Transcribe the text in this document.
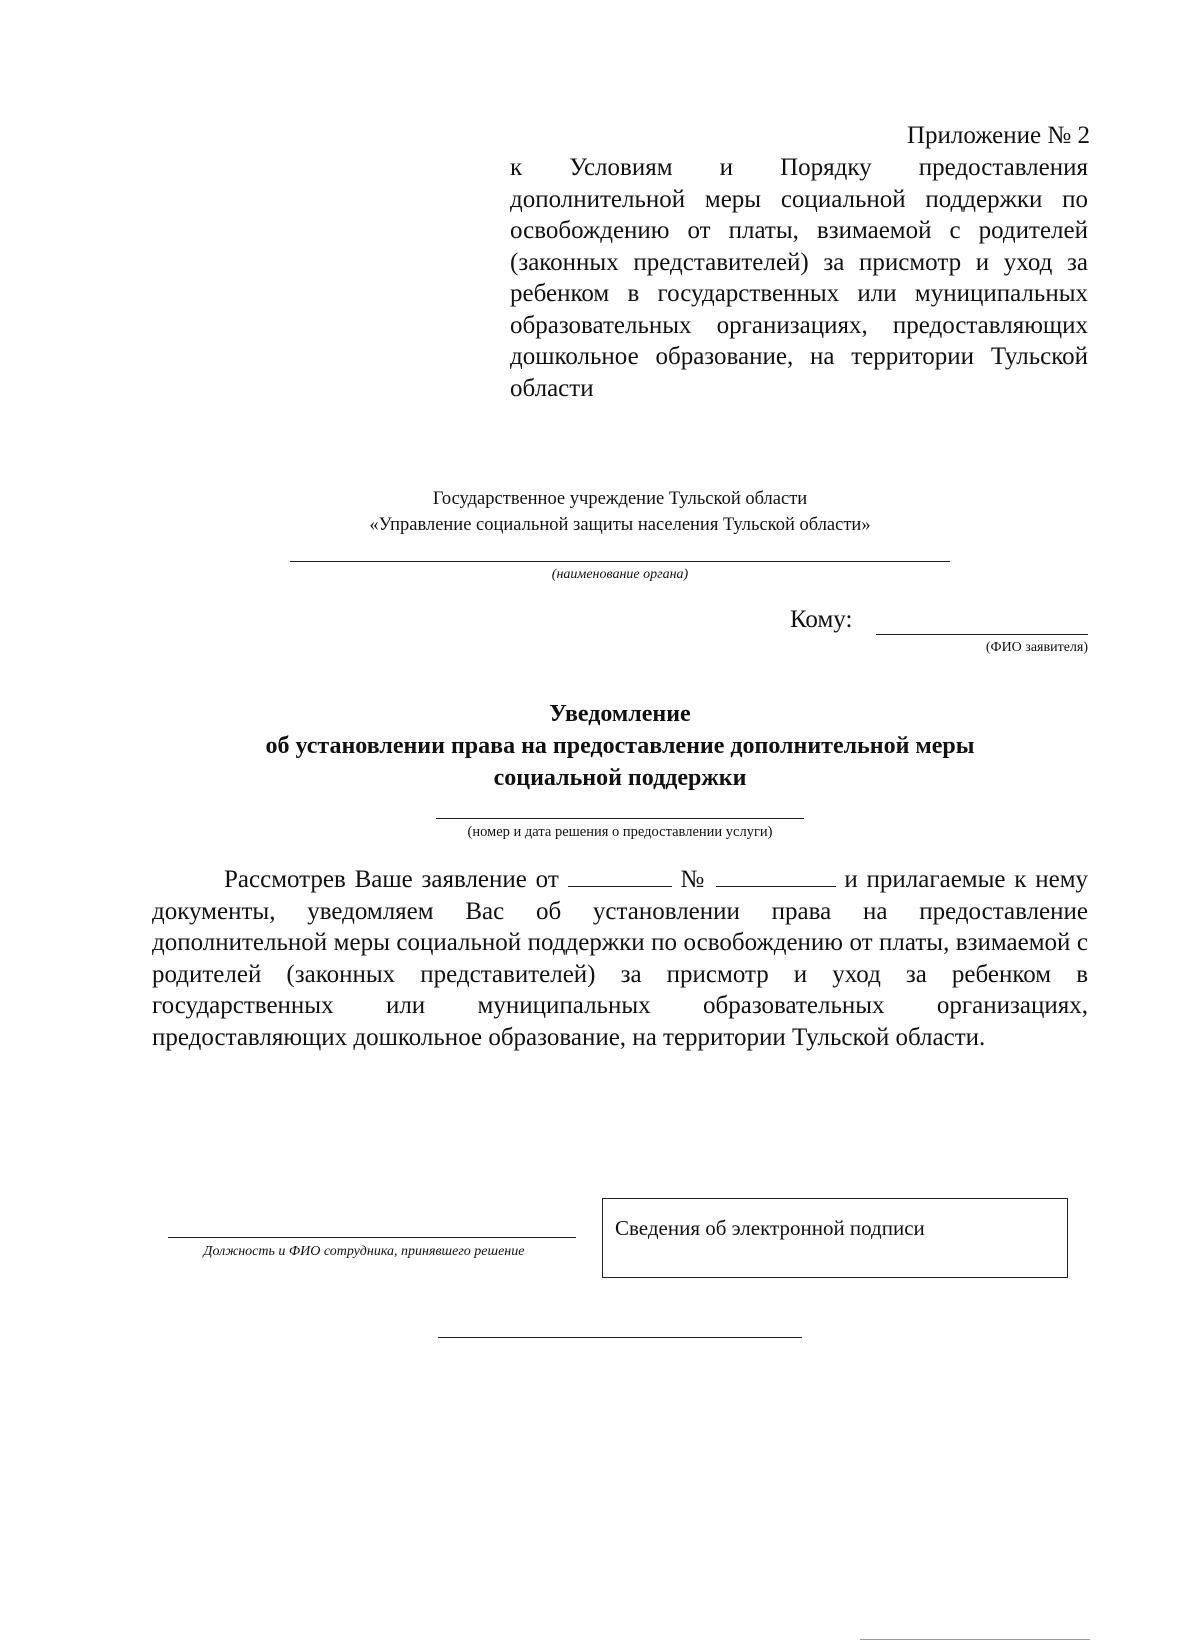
Приложение № 2
к Условиям и Порядку предоставления дополнительной меры социальной поддержки по освобождению от платы, взимаемой с родителей (законных представителей) за присмотр и уход за ребенком в государственных или муниципальных образовательных организациях, предоставляющих дошкольное образование, на территории Тульской области
Государственное учреждение Тульской области
«Управление социальной защиты населения Тульской области»
(наименование органа)
Кому:
(ФИО заявителя)
Уведомление
об установлении права на предоставление дополнительной меры
социальной поддержки
(номер и дата решения о предоставлении услуги)
Рассмотрев Ваше заявление от	№	и прилагаемые к нему документы, уведомляем Вас об установлении права на предоставление дополнительной меры социальной поддержки по освобождению от платы, взимаемой с родителей (законных представителей) за присмотр и уход за ребенком в государственных или муниципальных образовательных организациях, предоставляющих дошкольное образование, на территории Тульской области.
Должность и ФИО сотрудника, принявшего решение
Сведения об электронной подписи
